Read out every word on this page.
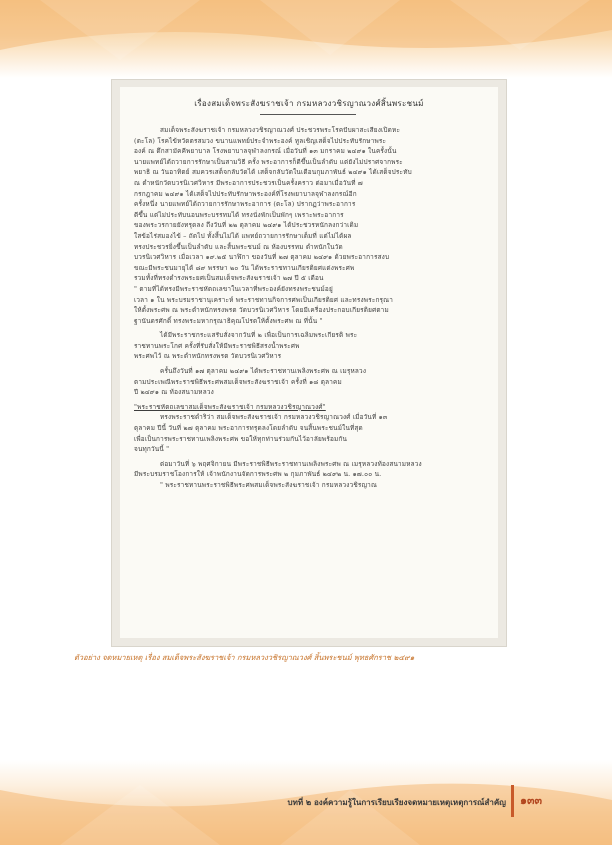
เรื่องสมเด็จพระสังฆราชเจ้า กรมหลวงวชิรญาณวงศ์สิ้นพระชนม์
สมเด็จพระสังฆราชเจ้า กรมหลวงวชิรญาณวงศ์ ประชวรพระโรคปับผาสะเสียงเปิดหะ
(ตะโล) โรคไข้หวัดตรสมวง ขนานแพทย์ประจำพระองค์ ทูลเชิญเสด็จไปประทับรักษาพระ
องค์ ณ ตึกสามัคคีพยาบาล โรงพยาบาลจุฬาลงกรณ์ เมื่อวันที่ ๑๓ มกราคม ๒๔๙๑ ในครั้งนั้น
นายแพทย์ได้ถวายการรักษาเป็นสามวิธี ครั้ง พระอาการก็ดีขึ้นเป็นลำดับ แต่ยังไม่ปราศจากพระ
พยาธิ ณ วันอาทิตย์ สมควรเสด็จกลับวัดได้ เสด็จกลับวัดในเดือนกุมภาพันธ์ ๒๔๙๑ ได้เสด็จประทับ
ณ ตำหนักวัดบวรนิเวศวิหาร มีพระอาการประชวรเป็นครั้งคราว ต่อมาเมื่อวันที่ ๗
กรกฎาคม ๒๔๙๑ ได้เสด็จไปประทับรักษาพระองค์ที่โรงพยาบาลจุฬาลงกรณ์อีก
ครั้งหนึ่ง นายแพทย์ได้ถวายการรักษาพระอาการ (ตะโล) ปรากฏว่าพระอาการ
ดีขึ้น แต่ไม่ประทับนอนพระบรรทมได้ ทรงนั่งพักเป็นพักๆ เพราะพระอาการ
ของพระวรกายยังทรุดลง ถึงวันที่ ๒๒ ตุลาคม ๒๔๙๑ ได้ประชวรหนักลงกว่าเดิม
ใสข้อไร่สมองไข้ – ถัดไป ทั้งสิ้นไม่ได้ แพทย์ถวายการรักษาเต็มที่ แต่ไม่ได้ผล
ทรงประชวรยิ่งขึ้นเป็นลำดับ และสิ้นพระชนม์ ณ ห้องบรรทม ตำหนักในวัด
บวรนิเวศวิหาร เมื่อเวลา ๑๙.๒๕ นาฬิกา ของวันที่ ๒๗ ตุลาคม ๒๔๙๑ ด้วยพระอาการสงบ
ขณะมีพระชนมายุได้ ๘๙ พรรษา ๒๐ วัน ได้พระราชทานเกียรติยศแต่งพระศพ
รวมทั้งที่ทรงดำรงพระยศเป็นสมเด็จพระสังฆราชเจ้า ๒๗ ปี ๕ เดือน
" ตามที่ได้ทรงมีพระราชหัตถเลขาในเวลาที่พระองค์ยังทรงพระชนม์อยู่
เวลา ๑ ใน พระบรมราชานุเคราะห์ พระราชทานกิจการศพเป็นเกียรติยศ และทรงพระกรุณา
ให้ตั้งพระศพ ณ พระตำหนักทรงพรต วัดบวรนิเวศวิหาร โดยมีเครื่องประกอบเกียรติยศตาม
ฐานันดรศักดิ์ ทรงพระมหากรุณาธิคุณโปรดให้ตั้งพระศพ ณ ที่นั้น "
ได้มีพระราชกระแสรับสั่งจากวันที่ ๒ เพื่อเป็นการเฉลิมพระเกียรติ พระ
ราชทานพระโกศ ครั้งที่รับสั่งให้มีพระราชพิธีสรงน้ำพระศพ
พระศพไว้ ณ พระตำหนักทรงพรต วัดบวรนิเวศวิหาร
ครั้นถึงวันที่ ๑๗ ตุลาคม ๒๔๙๑ ได้พระราชทานเพลิงพระศพ ณ เมรุหลวง
ตามประเพณีพระราชพิธีพระศพสมเด็จพระสังฆราชเจ้า ครั้งที่ ๑๘ ตุลาคม
ปี ๒๔๙๑ ณ ท้องสนามหลวง
"พระราชหัตถเลขาสมเด็จพระสังฆราชเจ้า กรมหลวงวชิรญาณวงศ์"
ทรงพระราชดำริว่า สมเด็จพระสังฆราชเจ้า กรมหลวงวชิรญาณวงศ์ เมื่อวันที่ ๑๓
ตุลาคม ปีนี้ วันที่ ๒๗ ตุลาคม พระอาการทรุดลงโดยลำดับ จนสิ้นพระชนม์ในที่สุด
เพื่อเป็นการพระราชทานเพลิงพระศพ ขอให้ทุกท่านร่วมกันไว้อาลัยพร้อมกัน
จนทุกวันนี้ "
ต่อมาวันที่ ๖ พฤศจิกายน มีพระราชพิธีพระราชทานเพลิงพระศพ ณ เมรุหลวงท้องสนามหลวง
มีพระบรมราชโองการให้ เจ้าพนักงานจัดการพระศพ ๒ กุมภาพันธ์ ๒๔๙๒ น. ๑๗.๐๐ น.
" พระราชทานพระราชพิธีพระศพสมเด็จพระสังฆราชเจ้า กรมหลวงวชิรญาณ
ตัวอย่าง จดหมายเหตุ เรื่อง สมเด็จพระสังฆราชเจ้า กรมหลวงวชิรญาณวงศ์ สิ้นพระชนม์ พุทธศักราช ๒๔๙๑
บทที่ ๒ องค์ความรู้ในการเรียบเรียงจดหมายเหตุเหตุการณ์สำคัญ ๑๓๓
